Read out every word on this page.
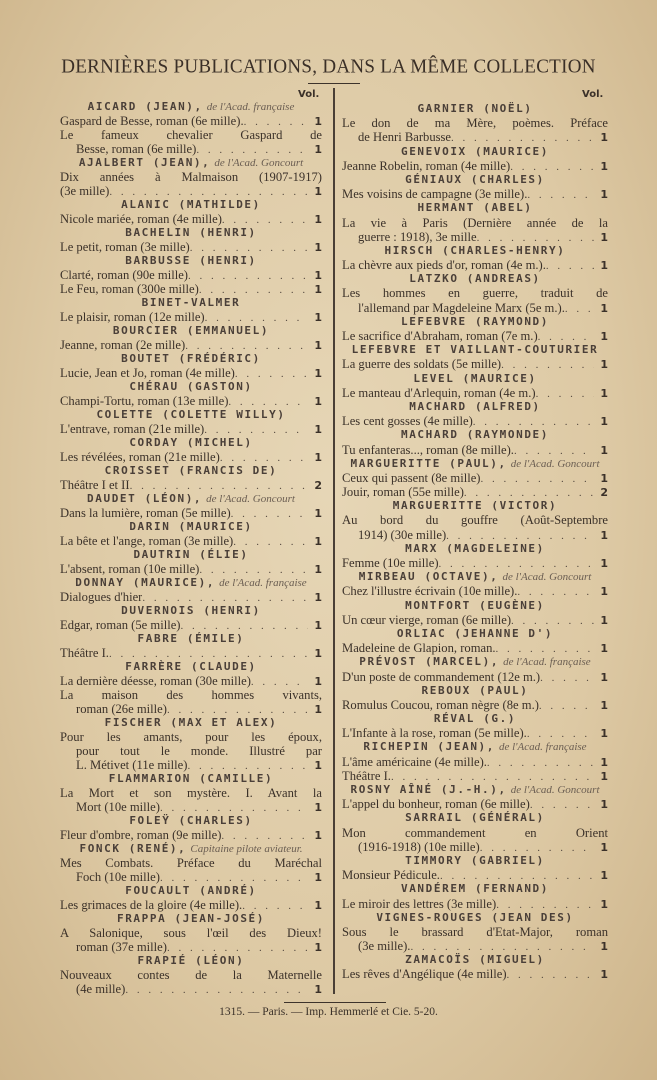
DERNIÈRES PUBLICATIONS, DANS LA MÊME COLLECTION
Vol.	Vol.
AICARD (JEAN), de l'Acad. française
Gaspard de Besse, roman (6e mille). . . .	1
Le fameux chevalier Gaspard de
Besse, roman (6e mille) . . .	1
AJALBERT (JEAN), de l'Acad. Goncourt
Dix années à Malmaison (1907-1917)
(3e mille) . . .	1
ALANIC (MATHILDE)
Nicole mariée, roman (4e mille) . . .	1
BACHELIN (HENRI)
Le petit, roman (3e mille) . . .	1
BARBUSSE (HENRI)
Clarté, roman (90e mille) . . .	1
Le Feu, roman (300e mille) . . .	1
BINET-VALMER
Le plaisir, roman (12e mille) . . .	1
BOURCIER (EMMANUEL)
Jeanne, roman (2e mille) . . .	1
BOUTET (FRÉDÉRIC)
Lucie, Jean et Jo, roman (4e mille) . . .	1
CHÉRAU (GASTON)
Champi-Tortu, roman (13e mille) . . .	1
COLETTE (COLETTE WILLY)
L'entrave, roman (21e mille) . . .	1
CORDAY (MICHEL)
Les révélées, roman (21e mille) . . .	1
CROISSET (FRANCIS DE)
Théâtre I et II . . .	2
DAUDET (LÉON), de l'Acad. Goncourt
Dans la lumière, roman (5e mille) . . .	1
DARIN (MAURICE)
La bête et l'ange, roman (3e mille) . . .	1
DAUTRIN (ÉLIE)
L'absent, roman (10e mille) . . .	1
DONNAY (MAURICE), de l'Acad. française
Dialogues d'hier . . .	1
DUVERNOIS (HENRI)
Edgar, roman (5e mille) . . .	1
FABRE (ÉMILE)
Théâtre I. . . .	1
FARRÈRE (CLAUDE)
La dernière déesse, roman (30e mille) . . .	1
La maison des hommes vivants,
roman (26e mille) . . .	1
FISCHER (MAX ET ALEX)
Pour les amants, pour les époux,
pour tout le monde. Illustré par
L. Métivet (11e mille) . . .	1
FLAMMARION (CAMILLE)
La Mort et son mystère. I. Avant la
Mort (10e mille) . . .	1
FOLEŸ (CHARLES)
Fleur d'ombre, roman (9e mille) . . .	1
FONCK (RENÉ), Capitaine pilote aviateur.
Mes Combats. Préface du Maréchal
Foch (10e mille) . . .	1
FOUCAULT (ANDRÉ)
Les grimaces de la gloire (4e mille). . . .	1
FRAPPA (JEAN-JOSÉ)
A Salonique, sous l'œil des Dieux!
roman (37e mille) . . .	1
FRAPIÉ (LÉON)
Nouveaux contes de la Maternelle
(4e mille) . . .	1
GARNIER (NOËL)
Le don de ma Mère, poèmes. Préface
de Henri Barbusse . . .	1
GENEVOIX (MAURICE)
Jeanne Robelin, roman (4e mille) . . .	1
GÉNIAUX (CHARLES)
Mes voisins de campagne (3e mille). . . .	1
HERMANT (ABEL)
La vie à Paris (Dernière année de la
guerre : 1918), 3e mille . . .	1
HIRSCH (CHARLES-HENRY)
La chèvre aux pieds d'or, roman (4e m.). . . .	1
LATZKO (ANDREAS)
Les hommes en guerre, traduit de
l'allemand par Magdeleine Marx (5e m.). . . .	1
LEFEBVRE (RAYMOND)
Le sacrifice d'Abraham, roman (7e m.) . . .	1
LEFEBVRE ET VAILLANT-COUTURIER
La guerre des soldats (5e mille) . . .	1
LEVEL (MAURICE)
Le manteau d'Arlequin, roman (4e m.) . . .	1
MACHARD (ALFRED)
Les cent gosses (4e mille) . . .	1
MACHARD (RAYMONDE)
Tu enfanteras..., roman (8e mille). . . .	1
MARGUERITTE (PAUL), de l'Acad. Goncourt
Ceux qui passent (8e mille) . . .	1
Jouir, roman (55e mille) . . .	2
MARGUERITTE (VICTOR)
Au bord du gouffre (Août-Septembre
1914) (30e mille) . . .	1
MARX (MAGDELEINE)
Femme (10e mille) . . .	1
MIRBEAU (OCTAVE), de l'Acad. Goncourt
Chez l'illustre écrivain (10e mille). . . .	1
MONTFORT (EUGÈNE)
Un cœur vierge, roman (6e mille) . . .	1
ORLIAC (JEHANNE D')
Madeleine de Glapion, roman. . . .	1
PRÉVOST (MARCEL), de l'Acad. française
D'un poste de commandement (12e m.) . . .	1
REBOUX (PAUL)
Romulus Coucou, roman nègre (8e m.) . . .	1
RÉVAL (G.)
L'Infante à la rose, roman (5e mille). . . .	1
RICHEPIN (JEAN), de l'Acad. française
L'âme américaine (4e mille). . . .	1
Théâtre I. . . .	1
ROSNY AÎNÉ (J.-H.), de l'Acad. Goncourt
L'appel du bonheur, roman (6e mille) . . .	1
SARRAIL (GÉNÉRAL)
Mon commandement en Orient
(1916-1918) (10e mille) . . .	1
TIMMORY (GABRIEL)
Monsieur Pédicule. . . .	1
VANDÉREM (FERNAND)
Le miroir des lettres (3e mille) . . .	1
VIGNES-ROUGES (JEAN DES)
Sous le brassard d'Etat-Major, roman
(3e mille). . . .	1
ZAMACOÏS (MIGUEL)
Les rêves d'Angélique (4e mille) . . .	1
1315. — Paris. — Imp. Hemmerlé et Cie. 5-20.
